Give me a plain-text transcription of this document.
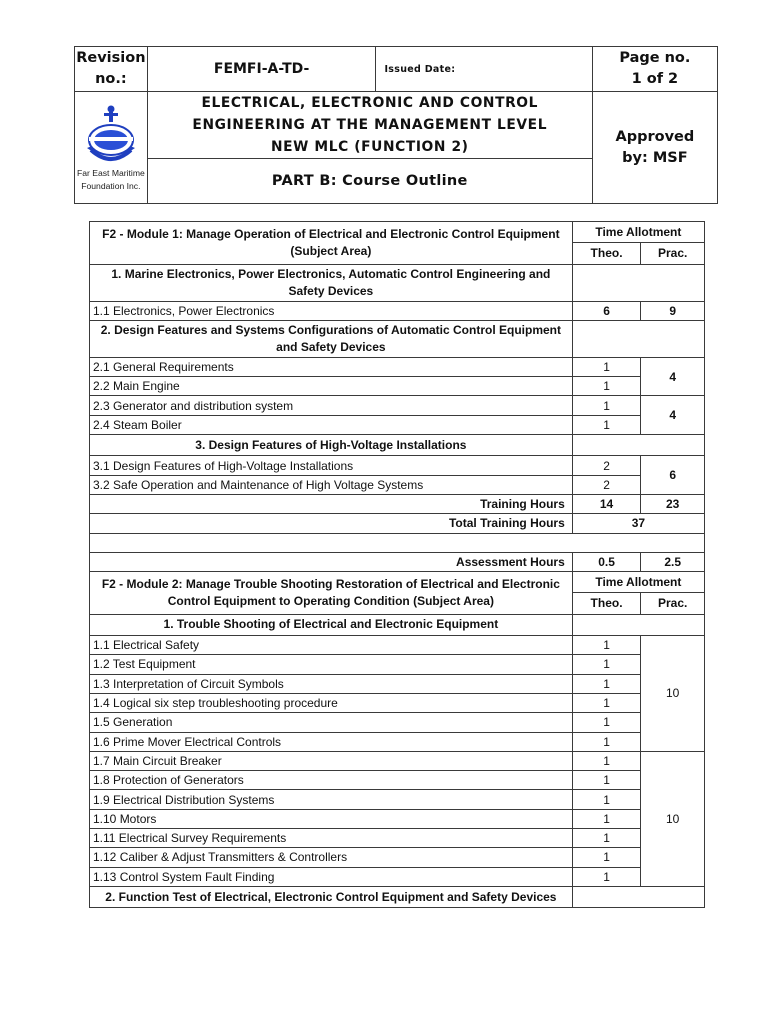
Revision no.:	FEMFI-A-TD-	Issued Date:	Page no.
1 of 2

Far East Maritime
Foundation Inc.

ELECTRICAL, ELECTRONIC AND CONTROL
ENGINEERING AT THE MANAGEMENT LEVEL
NEW MLC (FUNCTION 2)

Approved
by: MSF

	PART B: Course Outline		
F2 - Module 1: Manage Operation of Electrical and Electronic Control Equipment
(Subject Area)	Time Allotment	
	Theo.	Prac.
1. Marine Electronics, Power Electronics, Automatic Control Engineering and Safety Devices		
1.1 Electronics, Power Electronics	6	9
2. Design Features and Systems Configurations of Automatic Control Equipment and Safety Devices		
2.1 General Requirements	1	4
2.2 Main Engine	1	
2.3 Generator and distribution system	1	4
2.4 Steam Boiler	1	
3. Design Features of High-Voltage Installations		
3.1 Design Features of High-Voltage Installations	2	6
3.2 Safe Operation and Maintenance of High Voltage Systems	2	
Training Hours	14	23
Total Training Hours	37	

Assessment Hours	0.5	2.5

F2 - Module 2: Manage Trouble Shooting Restoration of Electrical and Electronic
Control Equipment to Operating Condition (Subject Area)	Time Allotment	
	Theo.	Prac.
1. Trouble Shooting of Electrical and Electronic Equipment		
1.1 Electrical Safety	1	10
1.2 Test Equipment	1	
1.3 Interpretation of Circuit Symbols	1	
1.4 Logical six step troubleshooting procedure	1	
1.5 Generation	1	
1.6 Prime Mover Electrical Controls	1	
1.7 Main Circuit Breaker	1	10
1.8 Protection of Generators	1	
1.9 Electrical Distribution Systems	1	
1.10 Motors	1	
1.11 Electrical Survey Requirements	1	
1.12 Caliber & Adjust Transmitters & Controllers	1	
1.13 Control System Fault Finding	1	
2. Function Test of Electrical, Electronic Control Equipment and Safety Devices		
